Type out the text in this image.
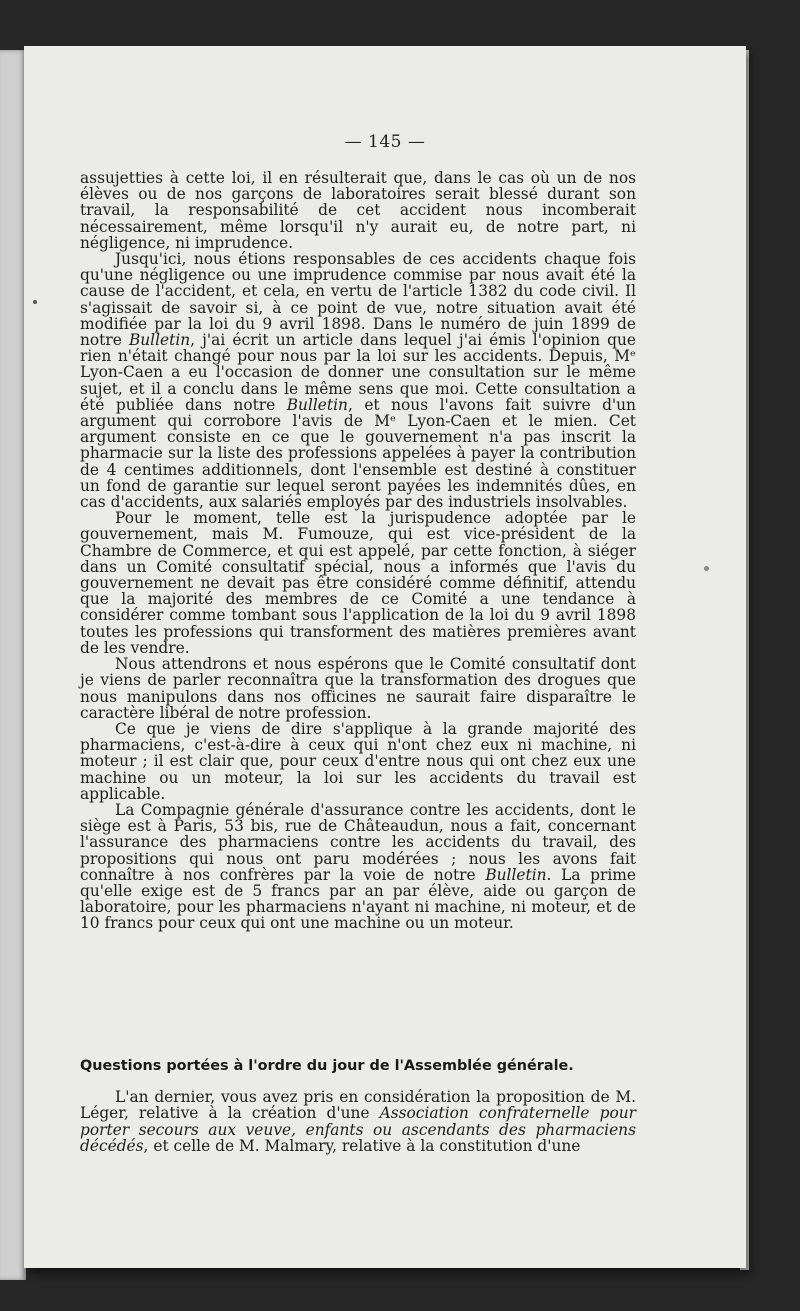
— 145 —

assujetties à cette loi, il en résulterait que, dans le cas où un de nos élèves ou de nos garçons de laboratoires serait blessé durant son travail, la responsabilité de cet accident nous incomberait nécessairement, même lorsqu'il n'y aurait eu, de notre part, ni négligence, ni imprudence.

Jusqu'ici, nous étions responsables de ces accidents chaque fois qu'une négligence ou une imprudence commise par nous avait été la cause de l'accident, et cela, en vertu de l'article 1382 du code civil. Il s'agissait de savoir si, à ce point de vue, notre situation avait été modifiée par la loi du 9 avril 1898. Dans le numéro de juin 1899 de notre Bulletin, j'ai écrit un article dans lequel j'ai émis l'opinion que rien n'était changé pour nous par la loi sur les accidents. Depuis, Mᵉ Lyon-Caen a eu l'occasion de donner une consultation sur le même sujet, et il a conclu dans le même sens que moi. Cette consultation a été publiée dans notre Bulletin, et nous l'avons fait suivre d'un argument qui corrobore l'avis de Mᵉ Lyon-Caen et le mien. Cet argument consiste en ce que le gouvernement n'a pas inscrit la pharmacie sur la liste des professions appelées à payer la contribution de 4 centimes additionnels, dont l'ensemble est destiné à constituer un fond de garantie sur lequel seront payées les indemnités dûes, en cas d'accidents, aux salariés employés par des industriels insolvables.

Pour le moment, telle est la jurispudence adoptée par le gouvernement, mais M. Fumouze, qui est vice-président de la Chambre de Commerce, et qui est appelé, par cette fonction, à siéger dans un Comité consultatif spécial, nous a informés que l'avis du gouvernement ne devait pas être considéré comme définitif, attendu que la majorité des membres de ce Comité a une tendance à considérer comme tombant sous l'application de la loi du 9 avril 1898 toutes les professions qui transforment des matières premières avant de les vendre.

Nous attendrons et nous espérons que le Comité consultatif dont je viens de parler reconnaîtra que la transformation des drogues que nous manipulons dans nos officines ne saurait faire disparaître le caractère libéral de notre profession.

Ce que je viens de dire s'applique à la grande majorité des pharmaciens, c'est-à-dire à ceux qui n'ont chez eux ni machine, ni moteur ; il est clair que, pour ceux d'entre nous qui ont chez eux une machine ou un moteur, la loi sur les accidents du travail est applicable.

La Compagnie générale d'assurance contre les accidents, dont le siège est à Paris, 53 bis, rue de Châteaudun, nous a fait, concernant l'assurance des pharmaciens contre les accidents du travail, des propositions qui nous ont paru modérées ; nous les avons fait connaître à nos confrères par la voie de notre Bulletin. La prime qu'elle exige est de 5 francs par an par élève, aide ou garçon de laboratoire, pour les pharmaciens n'ayant ni machine, ni moteur, et de 10 francs pour ceux qui ont une machine ou un moteur.

Questions portées à l'ordre du jour de l'Assemblée générale.

L'an dernier, vous avez pris en considération la proposition de M. Léger, relative à la création d'une Association confraternelle pour porter secours aux veuve, enfants ou ascendants des pharmaciens décédés, et celle de M. Malmary, relative à la constitution d'une
